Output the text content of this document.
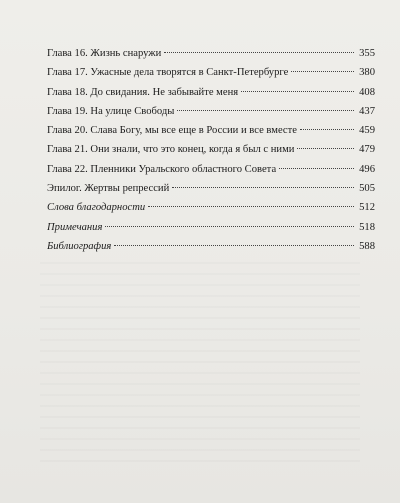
Глава 16. Жизнь снаружи	355
Глава 17. Ужасные дела творятся в Санкт-Петербурге	380
Глава 18. До свидания. Не забывайте меня	408
Глава 19. На улице Свободы	437
Глава 20. Слава Богу, мы все еще в России и все вместе	459
Глава 21. Они знали, что это конец, когда я был с ними	479
Глава 22. Пленники Уральского областного Совета	496
Эпилог. Жертвы репрессий	505
Слова благодарности	512
Примечания	518
Библиография	588
